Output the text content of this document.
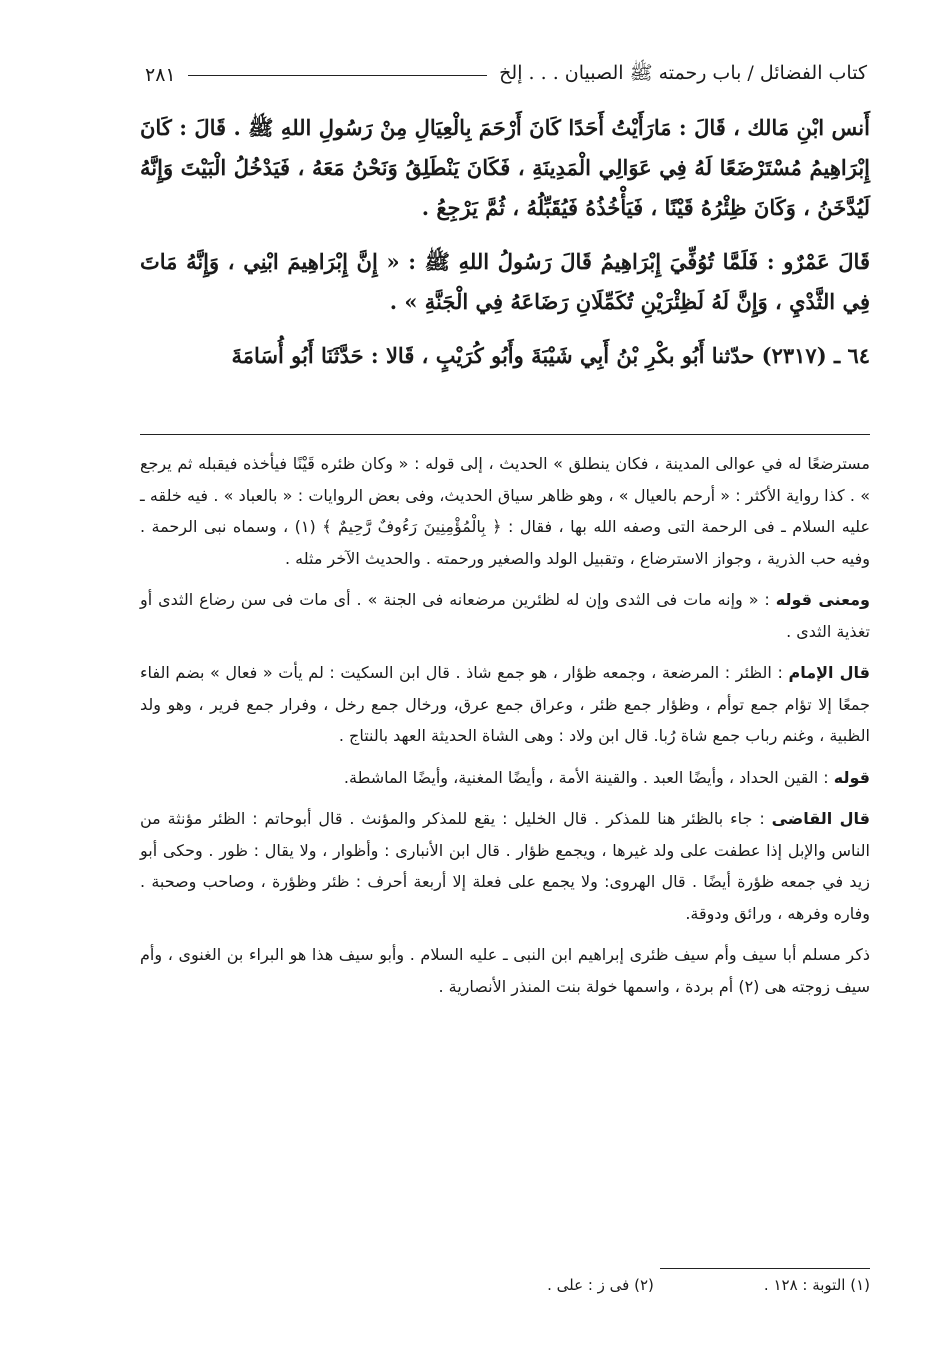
كتاب الفضائل / باب رحمته ﷺ الصبيان . . . إلخ
٢٨١

أَنس ابْنِ مَالك ، قَالَ : مَارَأَيْتُ أَحَدًا كَانَ أَرْحَمَ بِالْعِيَالِ مِنْ رَسُولِ اللهِ ﷺ . قَالَ : كَانَ إِبْرَاهِيمُ مُسْتَرْضَعًا لَهُ فِي عَوَالِي الْمَدِينَةِ ، فَكَانَ يَنْطَلِقُ وَنَحْنُ مَعَهُ ، فَيَدْخُلُ الْبَيْتَ وَإِنَّهُ لَيُدَّخَنُ ، وَكَانَ ظِئْرُهُ قَيْنًا ، فَيَأْخُذُهُ فَيُقَبِّلُهُ ، ثُمَّ يَرْجِعُ .

قَالَ عَمْرٌو : فَلَمَّا تُوُفِّيَ إِبْرَاهِيمُ قَالَ رَسُولُ اللهِ ﷺ : « إِنَّ إِبْرَاهِيمَ ابْنِي ، وَإِنَّهُ مَاتَ فِي الثَّدْيِ ، وَإِنَّ لَهُ لَظِئْرَيْنِ تُكَمِّلَانِ رَضَاعَهُ فِي الْجَنَّةِ » .

٦٤ ـ (٢٣١٧) حدّثنا أَبُو بكْرِ بْنُ أَبِي شَيْبَةَ وأَبُو كُرَيْبٍ ، قَالا : حَدَّثَنَا أَبُو أُسَامَةَ

مسترضعًا له في عوالى المدينة ، فكان ينطلق » الحديث ، إلى قوله : « وكان ظئره قَيْنًا فيأخذه فيقبله ثم يرجع » . كذا رواية الأكثر : « أرحم بالعيال » ، وهو ظاهر سياق الحديث، وفى بعض الروايات : « بالعباد » . فيه خلقه ـ عليه السلام ـ فى الرحمة التى وصفه الله بها ، فقال : ﴿ بِالْمُؤْمِنِينَ رَءُوفٌ رَّحِيمٌ ﴾ (١) ، وسماه نبى الرحمة . وفيه حب الذرية ، وجواز الاسترضاع ، وتقبيل الولد والصغير ورحمته . والحديث الآخر مثله .

ومعنى قوله : « وإنه مات فى الثدى وإن له لظئرين مرضعانه فى الجنة » . أى مات فى سن رضاع الثدى أو تغذية الثدى .

قال الإمام : الظئر : المرضعة ، وجمعه ظؤار ، هو جمع شاذ . قال ابن السكيت : لم يأت « فعال » بضم الفاء جمعًا إلا تؤام جمع توأم ، وظؤار جمع ظئر ، وعراق جمع عرق، ورخال جمع رخل ، وفرار جمع فرير ، وهو ولد الظبية ، وغنم رباب جمع شاة رُبا. قال ابن ولاد : وهى الشاة الحديثة العهد بالنتاج .

قوله : القين الحداد ، وأيضًا العبد . والقينة الأمة ، وأيضًا المغنية، وأيضًا الماشطة.

قال القاضى : جاء بالظئر هنا للمذكر . قال الخليل : يقع للمذكر والمؤنث . قال أبوحاتم : الظئر مؤنثة من الناس والإبل إذا عطفت على ولد غيرها ، ويجمع ظؤار . قال ابن الأنبارى : وأظوار ، ولا يقال : ظور . وحكى أبو زيد في جمعه ظؤرة أيضًا . قال الهروى: ولا يجمع على فعلة إلا أربعة أحرف : ظئر وظؤرة ، وصاحب وصحبة . وفاره وفرهه ، ورائق ودوقة.

ذكر مسلم أبا سيف وأم سيف ظئرى إبراهيم ابن النبى ـ عليه السلام . وأبو سيف هذا هو البراء بن الغنوى ، وأم سيف زوجته هى (٢) أم بردة ، واسمها خولة بنت المنذر الأنصارية .

(١) التوبة : ١٢٨ .
(٢) فى ز : على .
